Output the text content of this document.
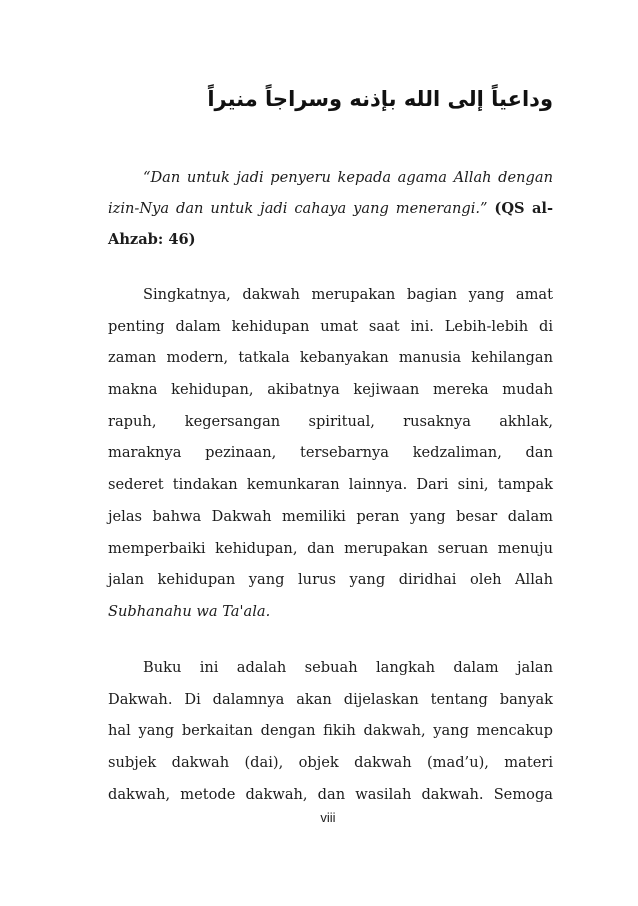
وداعياً إلى الله بإذنه وسراجاً منيراً
“Dan untuk jadi penyeru kepada agama Allah dengan
izin-Nya dan untuk jadi cahaya yang menerangi.” (QS al-
Ahzab: 46)
Singkatnya, dakwah merupakan bagian yang amat
penting dalam kehidupan umat saat ini. Lebih-lebih di
zaman modern, tatkala kebanyakan manusia kehilangan
makna kehidupan, akibatnya kejiwaan mereka mudah
rapuh, kegersangan spiritual, rusaknya akhlak,
maraknya pezinaan, tersebarnya kedzaliman, dan
sederet tindakan kemunkaran lainnya. Dari sini, tampak
jelas bahwa Dakwah memiliki peran yang besar dalam
memperbaiki kehidupan, dan merupakan seruan menuju
jalan kehidupan yang lurus yang diridhai oleh Allah
Subhanahu wa Ta'ala.
Buku ini adalah sebuah langkah dalam jalan
Dakwah. Di dalamnya akan dijelaskan tentang banyak
hal yang berkaitan dengan fikih dakwah, yang mencakup
subjek dakwah (dai), objek dakwah (mad’u), materi
dakwah, metode dakwah, dan wasilah dakwah. Semoga
viii
